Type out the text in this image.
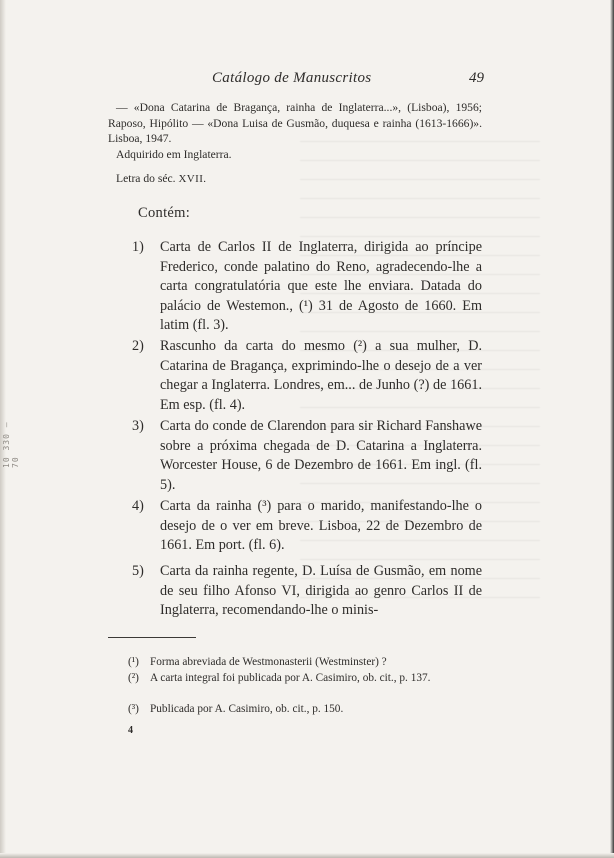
10 330 — 70
Catálogo de Manuscritos	49
— «Dona Catarina de Bragança, rainha de Inglaterra...», (Lisboa), 1956; Raposo, Hipólito — «Dona Luisa de Gusmão, duquesa e rainha (1613-1666)». Lisboa, 1947.
Adquirido em Inglaterra.
Letra do séc. XVII.
Contém:
1) Carta de Carlos II de Inglaterra, dirigida ao príncipe Frederico, conde palatino do Reno, agradecendo-lhe a carta congratulatória que este lhe enviara. Datada do palácio de Westemon., (¹) 31 de Agosto de 1660. Em latim (fl. 3).
2) Rascunho da carta do mesmo (²) a sua mulher, D. Catarina de Bragança, exprimindo-lhe o desejo de a ver chegar a Inglaterra. Londres, em... de Junho (?) de 1661. Em esp. (fl. 4).
3) Carta do conde de Clarendon para sir Richard Fanshawe sobre a próxima chegada de D. Catarina a Inglaterra. Worcester House, 6 de Dezembro de 1661. Em ingl. (fl. 5).
4) Carta da rainha (³) para o marido, manifestando-lhe o desejo de o ver em breve. Lisboa, 22 de Dezembro de 1661. Em port. (fl. 6).
5) Carta da rainha regente, D. Luísa de Gusmão, em nome de seu filho Afonso VI, dirigida ao genro Carlos II de Inglaterra, recomendando-lhe o minis-
(¹) Forma abreviada de Westmonasterii (Westminster) ?
(²) A carta integral foi publicada por A. Casimiro, ob. cit., p. 137.
(³) Publicada por A. Casimiro, ob. cit., p. 150.
4
